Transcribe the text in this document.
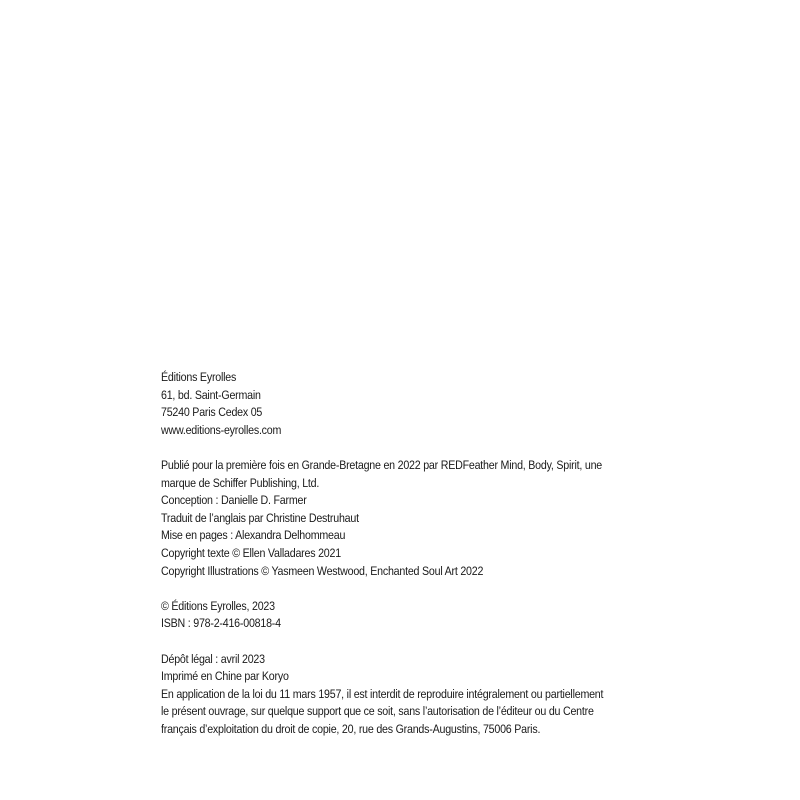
Éditions Eyrolles
61, bd. Saint-Germain
75240 Paris Cedex 05
www.editions-eyrolles.com
Publié pour la première fois en Grande-Bretagne en 2022 par REDFeather Mind, Body, Spirit, une
marque de Schiffer Publishing, Ltd.
Conception : Danielle D. Farmer
Traduit de l’anglais par Christine Destruhaut
Mise en pages : Alexandra Delhommeau
Copyright texte © Ellen Valladares 2021
Copyright Illustrations © Yasmeen Westwood, Enchanted Soul Art 2022
© Éditions Eyrolles, 2023
ISBN : 978-2-416-00818-4
Dépôt légal : avril 2023
Imprimé en Chine par Koryo
En application de la loi du 11 mars 1957, il est interdit de reproduire intégralement ou partiellement
le présent ouvrage, sur quelque support que ce soit, sans l’autorisation de l’éditeur ou du Centre
français d’exploitation du droit de copie, 20, rue des Grands-Augustins, 75006 Paris.
